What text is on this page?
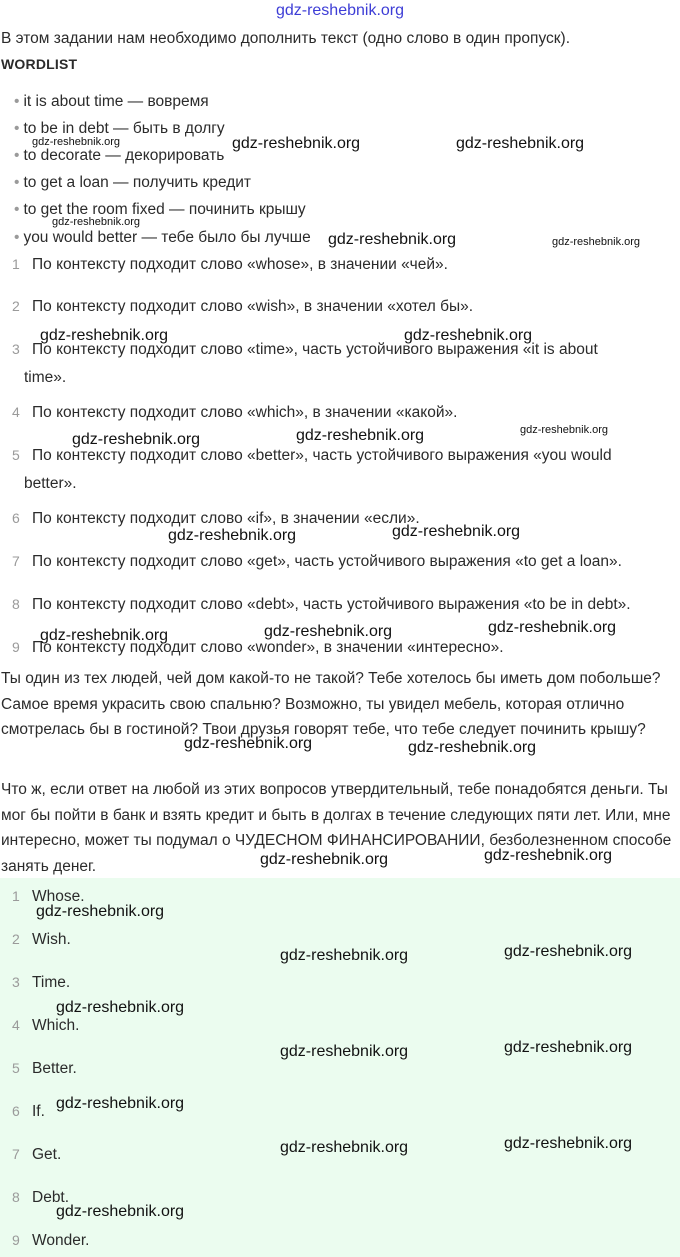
gdz-reshebnik.org
В этом задании нам необходимо дополнить текст (одно слово в один пропуск).
WORDLIST
• it is about time — вовремя
• to be in debt — быть в долгу
• to decorate — декорировать
• to get a loan — получить кредит
• to get the room fixed — починить крышу
• you would better — тебе было бы лучше
1 По контексту подходит слово «whose», в значении «чей».
2 По контексту подходит слово «wish», в значении «хотел бы».
3 По контексту подходит слово «time», часть устойчивого выражения «it is about
time».
4 По контексту подходит слово «which», в значении «какой».
5 По контексту подходит слово «better», часть устойчивого выражения «you would
better».
6 По контексту подходит слово «if», в значении «если».
7 По контексту подходит слово «get», часть устойчивого выражения «to get a loan».
8 По контексту подходит слово «debt», часть устойчивого выражения «to be in debt».
9 По контексту подходит слово «wonder», в значении «интересно».
Ты один из тех людей, чей дом какой-то не такой? Тебе хотелось бы иметь дом побольше? Самое время украсить свою спальню? Возможно, ты увидел мебель, которая отлично смотрелась бы в гостиной? Твои друзья говорят тебе, что тебе следует починить крышу?
Что ж, если ответ на любой из этих вопросов утвердительный, тебе понадобятся деньги. Ты мог бы пойти в банк и взять кредит и быть в долгах в течение следующих пяти лет. Или, мне интересно, может ты подумал о ЧУДЕСНОМ ФИНАНСИРОВАНИИ, безболезненном способе занять денег.
1 Whose.
2 Wish.
3 Time.
4 Which.
5 Better.
6 If.
7 Get.
8 Debt.
9 Wonder.
gdz-reshebnik.org	gdz-reshebnik.org	gdz-reshebnik.org
gdz-reshebnik.org
gdz-reshebnik.org	gdz-reshebnik.org
gdz-reshebnik.org	gdz-reshebnik.org
gdz-reshebnik.org	gdz-reshebnik.org	gdz-reshebnik.org
gdz-reshebnik.org	gdz-reshebnik.org
gdz-reshebnik.org	gdz-reshebnik.org	gdz-reshebnik.org
gdz-reshebnik.org	gdz-reshebnik.org
gdz-reshebnik.org	gdz-reshebnik.org
gdz-reshebnik.org
gdz-reshebnik.org	gdz-reshebnik.org
gdz-reshebnik.org
gdz-reshebnik.org	gdz-reshebnik.org
gdz-reshebnik.org
gdz-reshebnik.org	gdz-reshebnik.org
gdz-reshebnik.org
